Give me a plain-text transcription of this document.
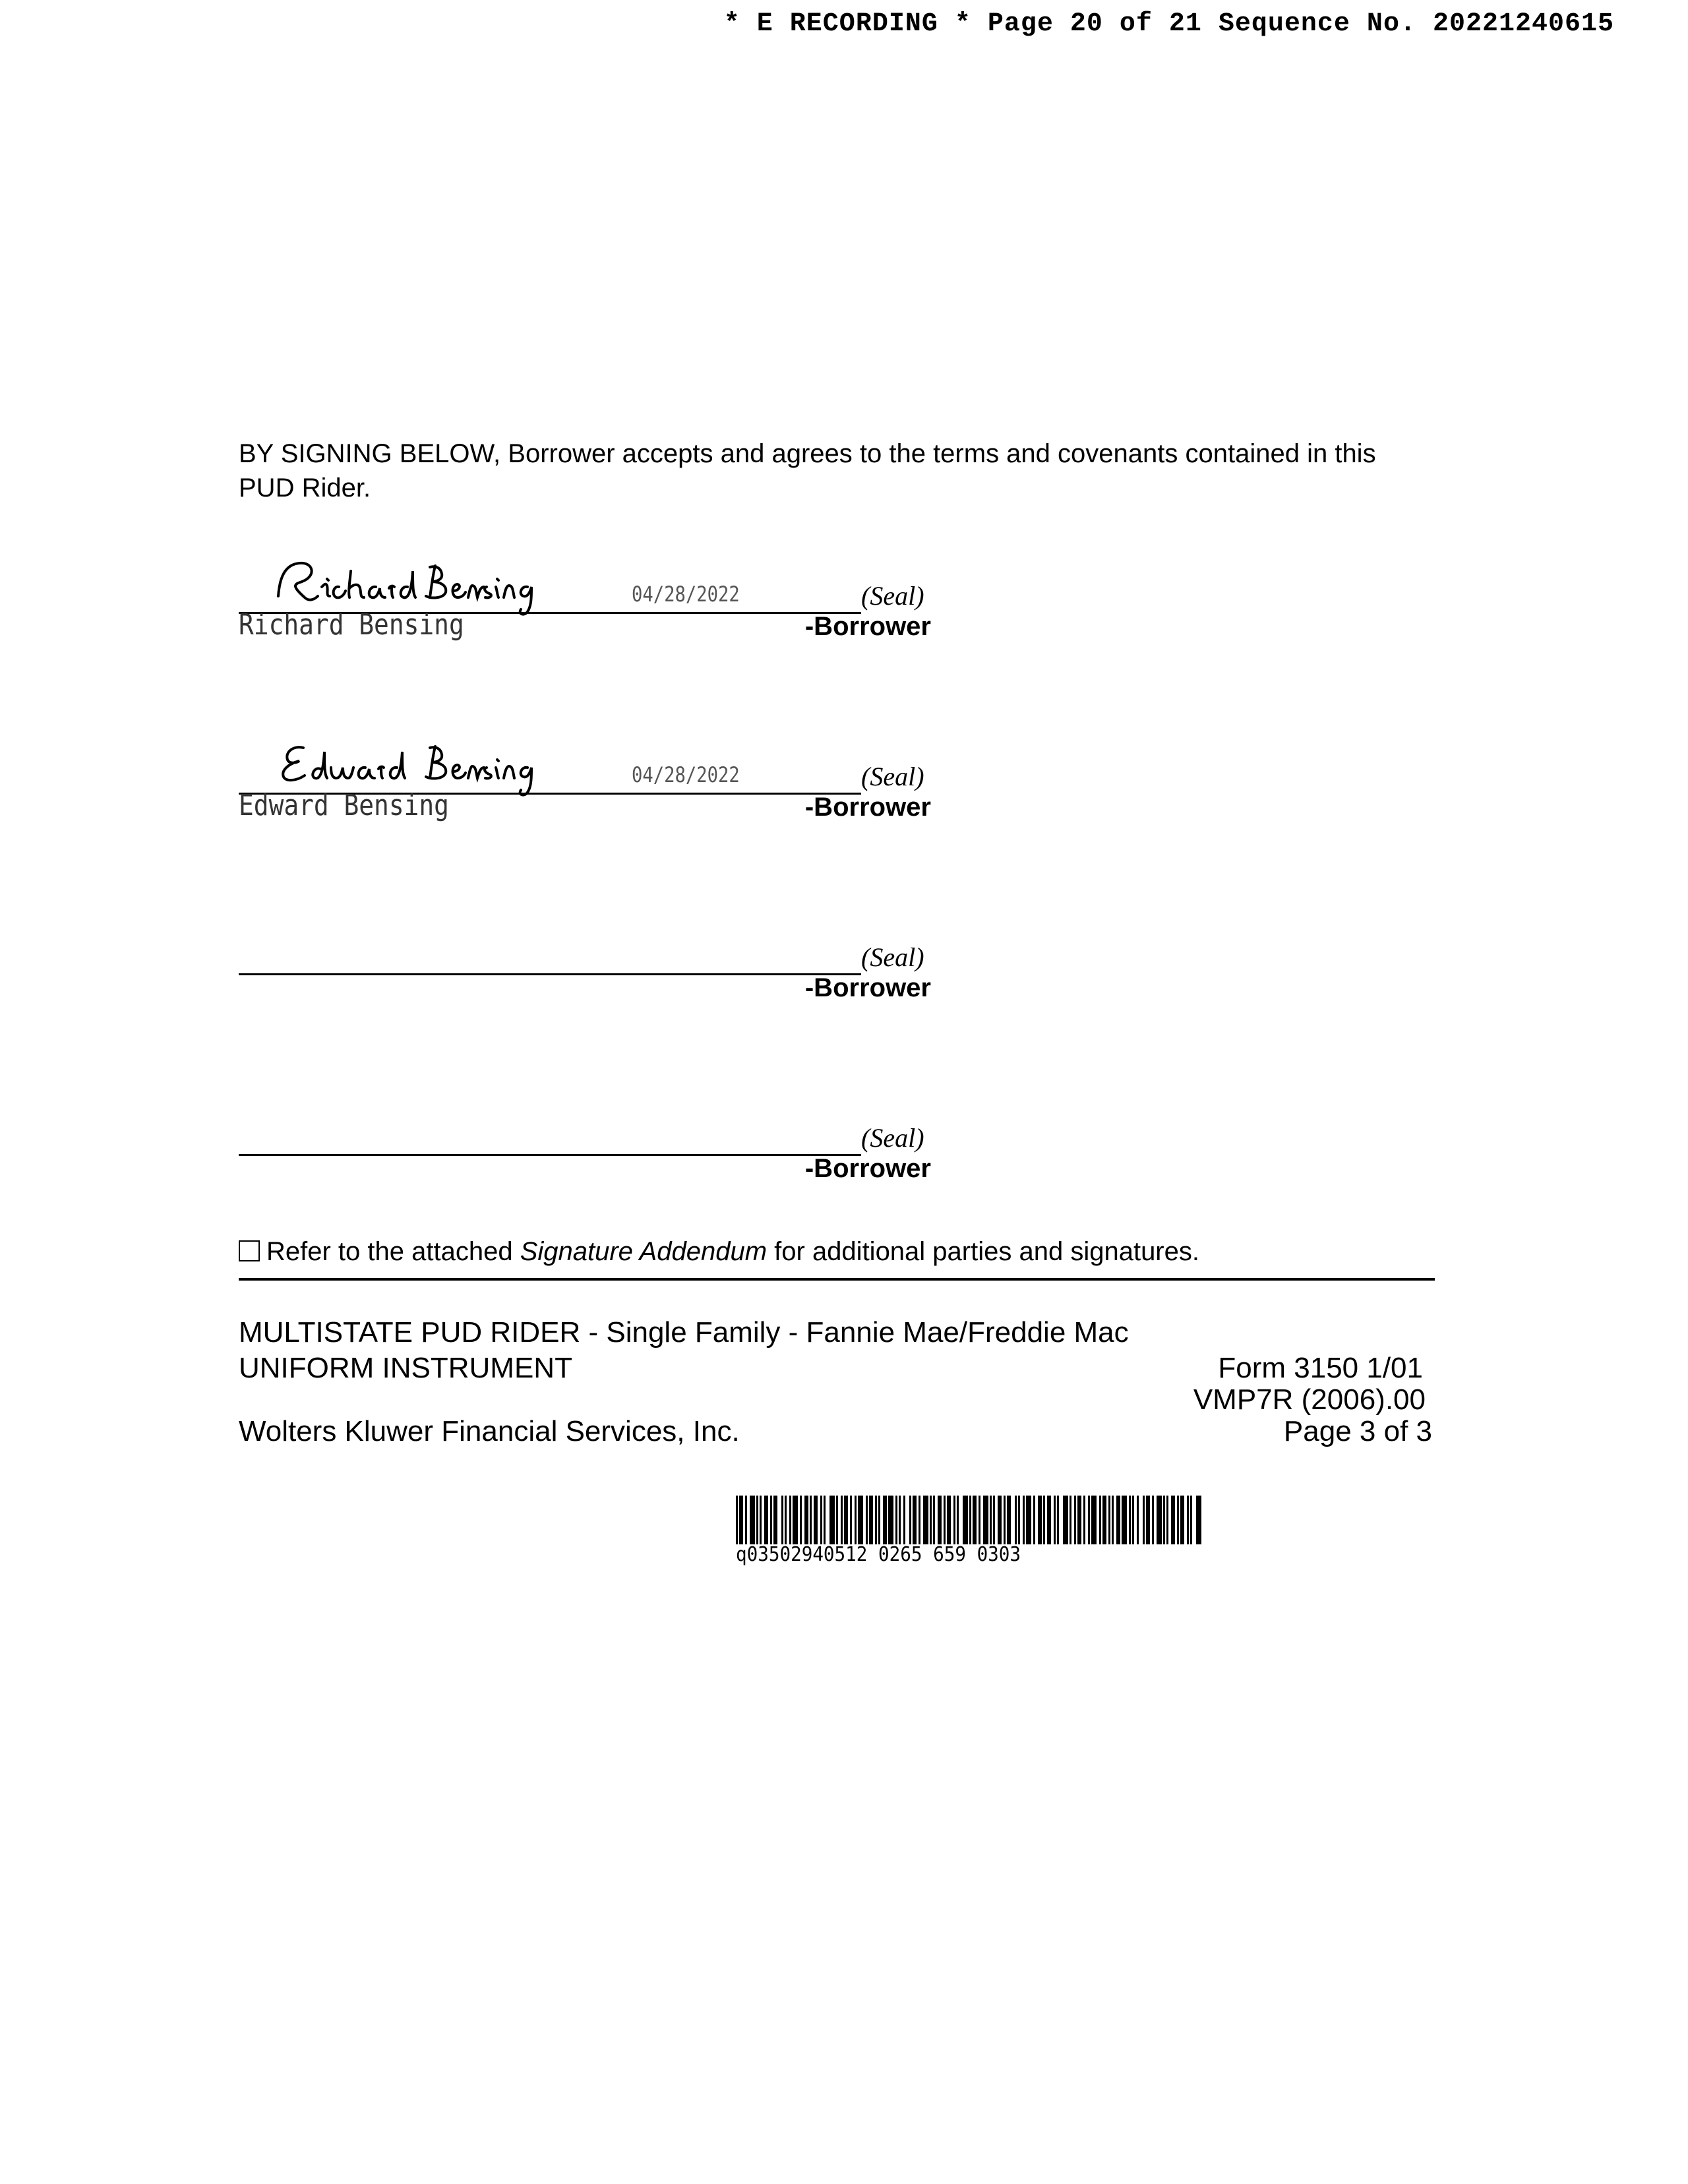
* E RECORDING * Page 20 of 21 Sequence No. 20221240615
BY SIGNING BELOW, Borrower accepts and agrees to the terms and covenants contained in this PUD Rider.
04/28/2022	(Seal)
Richard Bensing	-Borrower
04/28/2022	(Seal)
Edward Bensing	-Borrower
(Seal)
-Borrower
(Seal)
-Borrower
Refer to the attached Signature Addendum for additional parties and signatures.
MULTISTATE PUD RIDER - Single Family - Fannie Mae/Freddie Mac
UNIFORM INSTRUMENT	Form 3150 1/01
VMP7R (2006).00
Wolters Kluwer Financial Services, Inc.	Page 3 of 3
q03502940512 0265 659 0303
